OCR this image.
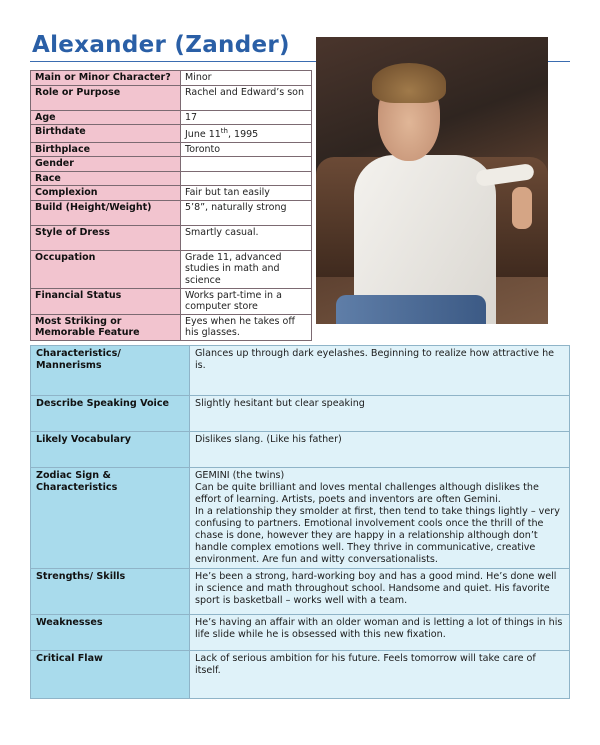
Alexander (Zander)
Main or Minor Character?	Minor
Role or Purpose	Rachel and Edward’s son
Age	17
Birthdate	June 11th, 1995
Birthplace	Toronto
Gender	
Race	
Complexion	Fair but tan easily
Build (Height/Weight)	5’8”, naturally strong
Style of Dress	Smartly casual.
Occupation	Grade 11, advanced studies in math and science
Financial Status	Works part-time in a computer store
Most Striking or Memorable Feature	Eyes when he takes off his glasses.
Characteristics/ Mannerisms	Glances up through dark eyelashes. Beginning to realize how attractive he is.
Describe Speaking Voice	Slightly hesitant but clear speaking
Likely Vocabulary	Dislikes slang. (Like his father)
Zodiac Sign & Characteristics	GEMINI (the twins)
Can be quite brilliant and loves mental challenges although dislikes the effort of learning. Artists, poets and inventors are often Gemini.
In a relationship they smolder at first, then tend to take things lightly – very confusing to partners. Emotional involvement cools once the thrill of the chase is done, however they are happy in a relationship although don’t handle complex emotions well. They thrive in communicative, creative environment. Are fun and witty conversationalists.
Strengths/ Skills	He’s been a strong, hard-working boy and has a good mind. He’s done well in science and math throughout school. Handsome and quiet. His favorite sport is basketball – works well with a team.
Weaknesses	He’s having an affair with an older woman and is letting a lot of things in his life slide while he is obsessed with this new fixation.
Critical Flaw	Lack of serious ambition for his future. Feels tomorrow will take care of itself.
